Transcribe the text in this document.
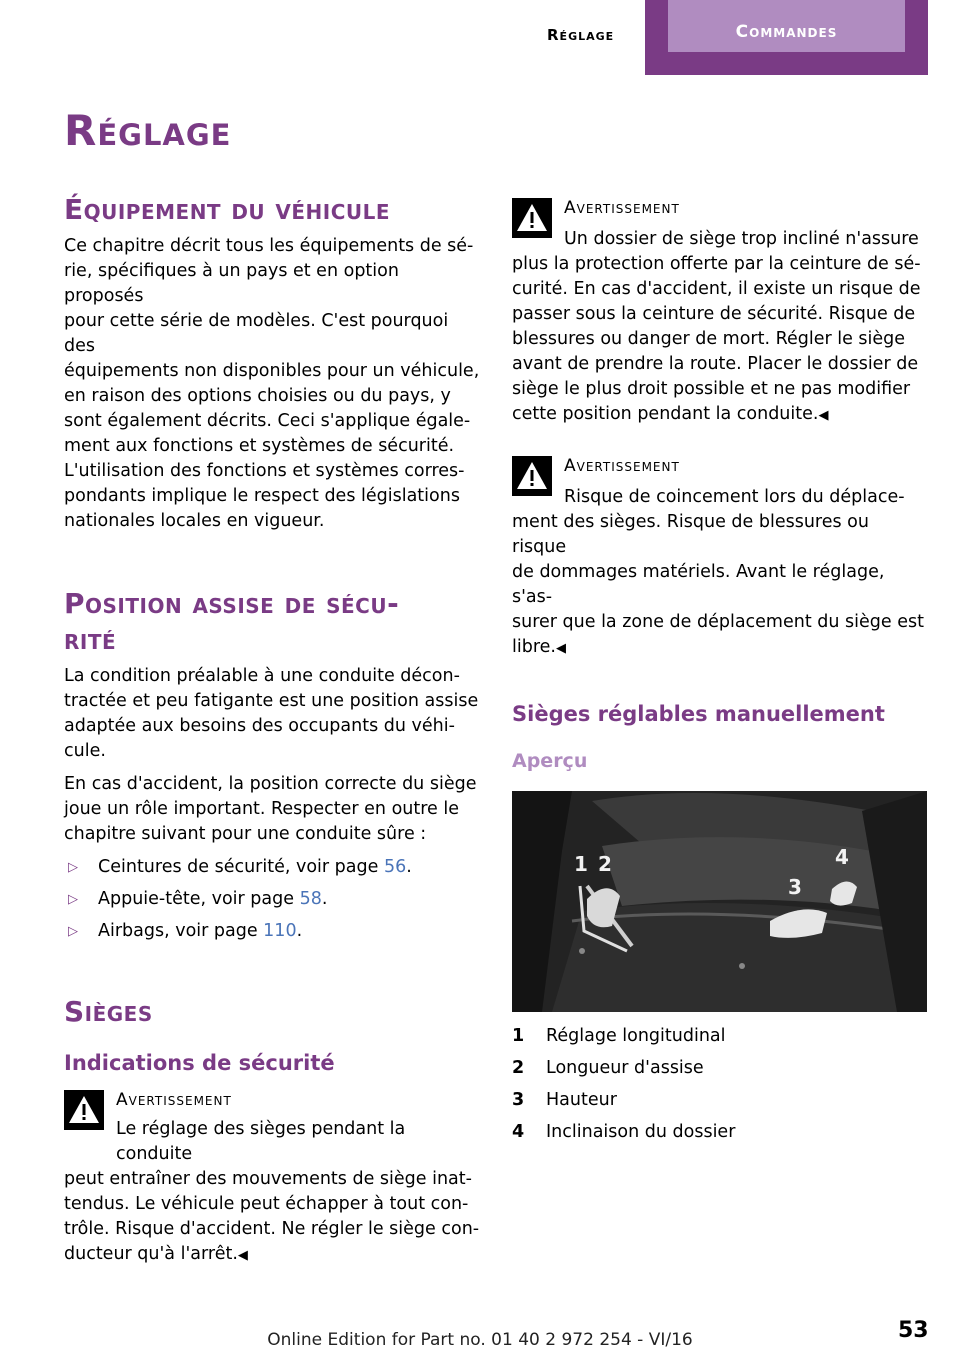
Réglage	Commandes
Réglage
Équipement du véhicule

Ce chapitre décrit tous les équipements de sé‐

rie, spécifiques à un pays et en option proposés

pour cette série de modèles. C'est pourquoi des

équipements non disponibles pour un véhicule,

en raison des options choisies ou du pays, y

sont également décrits. Ceci s'applique égale‐

ment aux fonctions et systèmes de sécurité.

L'utilisation des fonctions et systèmes corres‐

pondants implique le respect des législations

nationales locales en vigueur.

Position assise de sécu‐
rité

La condition préalable à une conduite décon‐

tractée et peu fatigante est une position assise

adaptée aux besoins des occupants du véhi‐

cule.

En cas d'accident, la position correcte du siège

joue un rôle important. Respecter en outre le

chapitre suivant pour une conduite sûre :

▷ Ceintures de sécurité, voir page 56.
▷ Appuie-tête, voir page 58.
▷ Airbags, voir page 110.
Sièges
Indications de sécurité
Avertissement

Le réglage des sièges pendant la conduite

peut entraîner des mouvements de siège inat‐

tendus. Le véhicule peut échapper à tout con‐

trôle. Risque d'accident. Ne régler le siège con‐

ducteur qu'à l'arrêt.◀

Avertissement

Un dossier de siège trop incliné n'assure

plus la protection offerte par la ceinture de sé‐

curité. En cas d'accident, il existe un risque de

passer sous la ceinture de sécurité. Risque de

blessures ou danger de mort. Régler le siège

avant de prendre la route. Placer le dossier de

siège le plus droit possible et ne pas modifier

cette position pendant la conduite.◀

Avertissement

Risque de coincement lors du déplace‐

ment des sièges. Risque de blessures ou risque

de dommages matériels. Avant le réglage, s'as‐

surer que la zone de déplacement du siège est

libre.◀

Sièges réglables manuellement
Aperçu
1 2
3
4
1 Réglage longitudinal
2 Longueur d'assise
3 Hauteur
4 Inclinaison du dossier
Online Edition for Part no. 01 40 2 972 254 - VI/16	53
